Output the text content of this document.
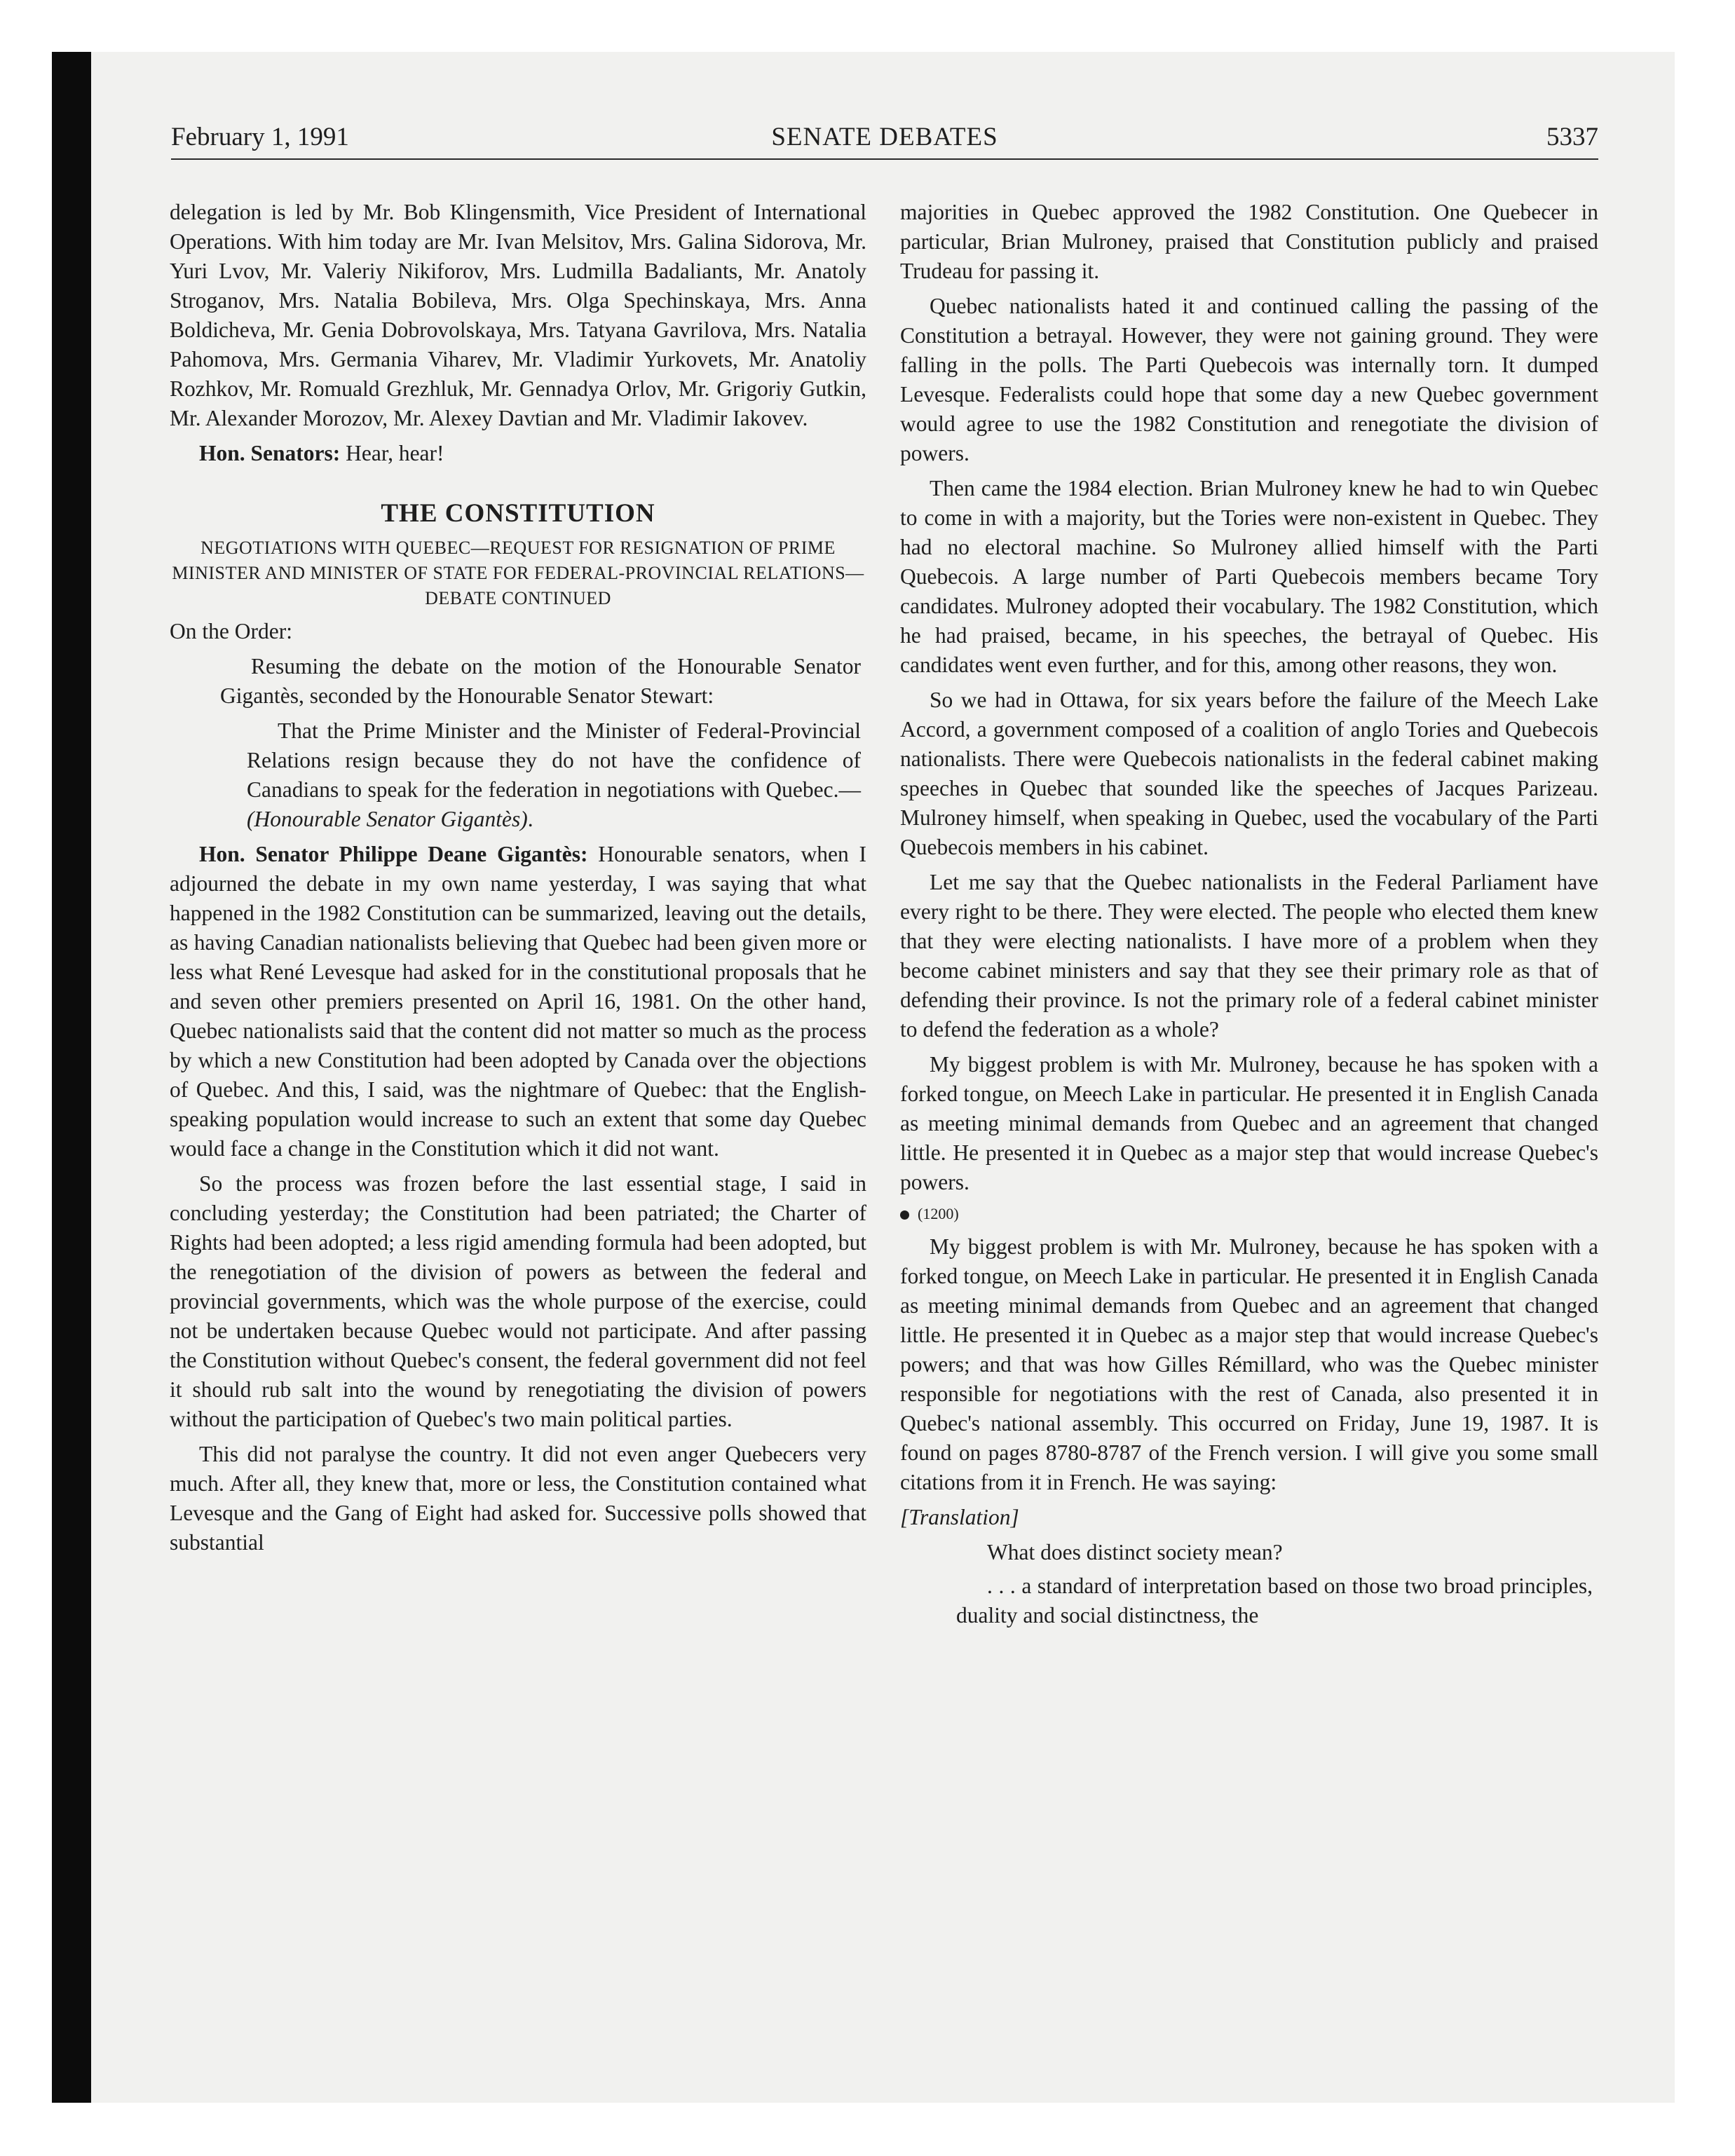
February 1, 1991	SENATE DEBATES	5337

delegation is led by Mr. Bob Klingensmith, Vice President of International Operations. With him today are Mr. Ivan Melsitov, Mrs. Galina Sidorova, Mr. Yuri Lvov, Mr. Valeriy Nikiforov, Mrs. Ludmilla Badaliants, Mr. Anatoly Stroganov, Mrs. Natalia Bobileva, Mrs. Olga Spechinskaya, Mrs. Anna Boldicheva, Mr. Genia Dobrovolskaya, Mrs. Tatyana Gavrilova, Mrs. Natalia Pahomova, Mrs. Germania Viharev, Mr. Vladimir Yurkovets, Mr. Anatoliy Rozhkov, Mr. Romuald Grezhluk, Mr. Gennadya Orlov, Mr. Grigoriy Gutkin, Mr. Alexander Morozov, Mr. Alexey Davtian and Mr. Vladimir Iakovev.

Hon. Senators: Hear, hear!

THE CONSTITUTION
NEGOTIATIONS WITH QUEBEC—REQUEST FOR RESIGNATION OF PRIME MINISTER AND MINISTER OF STATE FOR FEDERAL-PROVINCIAL RELATIONS—DEBATE CONTINUED

On the Order:

Resuming the debate on the motion of the Honourable Senator Gigantès, seconded by the Honourable Senator Stewart:

That the Prime Minister and the Minister of Federal-Provincial Relations resign because they do not have the confidence of Canadians to speak for the federation in negotiations with Quebec.—(Honourable Senator Gigantès).

Hon. Senator Philippe Deane Gigantès: Honourable senators, when I adjourned the debate in my own name yesterday, I was saying that what happened in the 1982 Constitution can be summarized, leaving out the details, as having Canadian nationalists believing that Quebec had been given more or less what René Levesque had asked for in the constitutional proposals that he and seven other premiers presented on April 16, 1981. On the other hand, Quebec nationalists said that the content did not matter so much as the process by which a new Constitution had been adopted by Canada over the objections of Quebec. And this, I said, was the nightmare of Quebec: that the English-speaking population would increase to such an extent that some day Quebec would face a change in the Constitution which it did not want.

So the process was frozen before the last essential stage, I said in concluding yesterday; the Constitution had been patriated; the Charter of Rights had been adopted; a less rigid amending formula had been adopted, but the renegotiation of the division of powers as between the federal and provincial governments, which was the whole purpose of the exercise, could not be undertaken because Quebec would not participate. And after passing the Constitution without Quebec's consent, the federal government did not feel it should rub salt into the wound by renegotiating the division of powers without the participation of Quebec's two main political parties.

This did not paralyse the country. It did not even anger Quebecers very much. After all, they knew that, more or less, the Constitution contained what Levesque and the Gang of Eight had asked for. Successive polls showed that substantial

majorities in Quebec approved the 1982 Constitution. One Quebecer in particular, Brian Mulroney, praised that Constitution publicly and praised Trudeau for passing it.

Quebec nationalists hated it and continued calling the passing of the Constitution a betrayal. However, they were not gaining ground. They were falling in the polls. The Parti Quebecois was internally torn. It dumped Levesque. Federalists could hope that some day a new Quebec government would agree to use the 1982 Constitution and renegotiate the division of powers.

Then came the 1984 election. Brian Mulroney knew he had to win Quebec to come in with a majority, but the Tories were non-existent in Quebec. They had no electoral machine. So Mulroney allied himself with the Parti Quebecois. A large number of Parti Quebecois members became Tory candidates. Mulroney adopted their vocabulary. The 1982 Constitution, which he had praised, became, in his speeches, the betrayal of Quebec. His candidates went even further, and for this, among other reasons, they won.

So we had in Ottawa, for six years before the failure of the Meech Lake Accord, a government composed of a coalition of anglo Tories and Quebecois nationalists. There were Quebecois nationalists in the federal cabinet making speeches in Quebec that sounded like the speeches of Jacques Parizeau. Mulroney himself, when speaking in Quebec, used the vocabulary of the Parti Quebecois members in his cabinet.

Let me say that the Quebec nationalists in the Federal Parliament have every right to be there. They were elected. The people who elected them knew that they were electing nationalists. I have more of a problem when they become cabinet ministers and say that they see their primary role as that of defending their province. Is not the primary role of a federal cabinet minister to defend the federation as a whole?

My biggest problem is with Mr. Mulroney, because he has spoken with a forked tongue, on Meech Lake in particular. He presented it in English Canada as meeting minimal demands from Quebec and an agreement that changed little. He presented it in Quebec as a major step that would increase Quebec's powers.

(1200)

My biggest problem is with Mr. Mulroney, because he has spoken with a forked tongue, on Meech Lake in particular. He presented it in English Canada as meeting minimal demands from Quebec and an agreement that changed little. He presented it in Quebec as a major step that would increase Quebec's powers; and that was how Gilles Rémillard, who was the Quebec minister responsible for negotiations with the rest of Canada, also presented it in Quebec's national assembly. This occurred on Friday, June 19, 1987. It is found on pages 8780-8787 of the French version. I will give you some small citations from it in French. He was saying:

[Translation]

What does distinct society mean?

. . . a standard of interpretation based on those two broad principles, duality and social distinctness, the
